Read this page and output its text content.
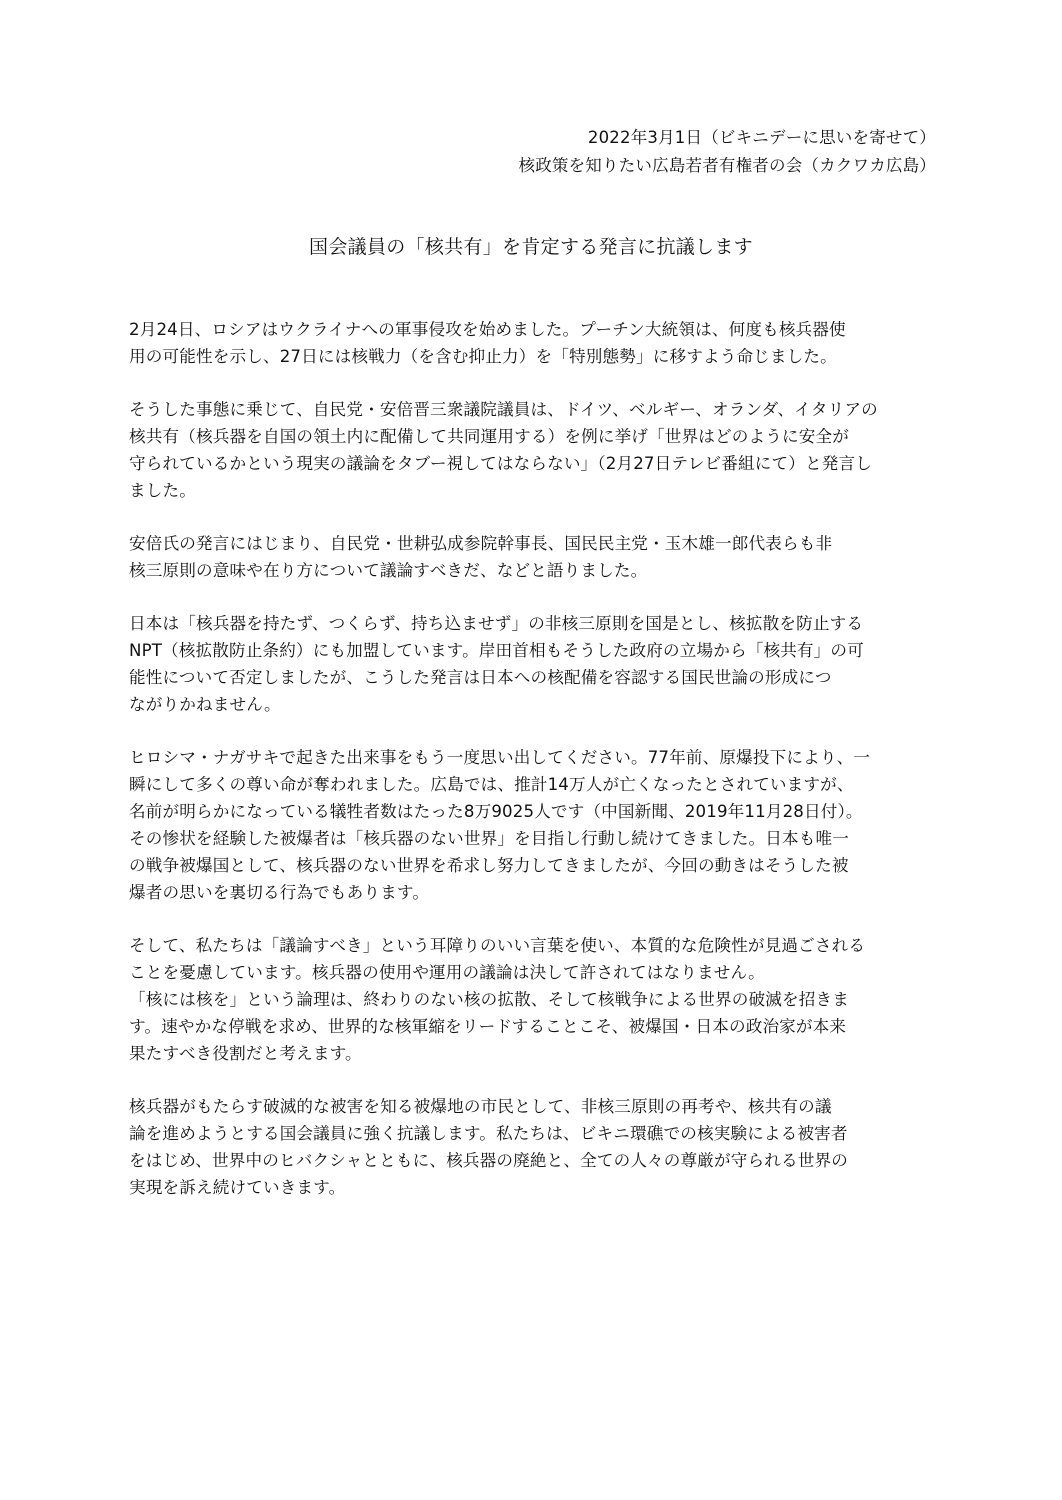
2022年3月1日（ビキニデーに思いを寄せて）
核政策を知りたい広島若者有権者の会（カクワカ広島）
国会議員の「核共有」を肯定する発言に抗議します
2月24日、ロシアはウクライナへの軍事侵攻を始めました。プーチン大統領は、何度も核兵器使
用の可能性を示し、27日には核戦力（を含む抑止力）を「特別態勢」に移すよう命じました。
そうした事態に乗じて、自民党・安倍晋三衆議院議員は、ドイツ、ベルギー、オランダ、イタリアの
核共有（核兵器を自国の領土内に配備して共同運用する）を例に挙げ「世界はどのように安全が
守られているかという現実の議論をタブー視してはならない」（2月27日テレビ番組にて）と発言し
ました。
安倍氏の発言にはじまり、自民党・世耕弘成参院幹事長、国民民主党・玉木雄一郎代表らも非
核三原則の意味や在り方について議論すべきだ、などと語りました。
日本は「核兵器を持たず、つくらず、持ち込ませず」の非核三原則を国是とし、核拡散を防止する
NPT（核拡散防止条約）にも加盟しています。岸田首相もそうした政府の立場から「核共有」の可
能性について否定しましたが、こうした発言は日本への核配備を容認する国民世論の形成につ
ながりかねません。
ヒロシマ・ナガサキで起きた出来事をもう一度思い出してください。77年前、原爆投下により、一
瞬にして多くの尊い命が奪われました。広島では、推計14万人が亡くなったとされていますが、
名前が明らかになっている犠牲者数はたった8万9025人です（中国新聞、2019年11月28日付）。
その惨状を経験した被爆者は「核兵器のない世界」を目指し行動し続けてきました。日本も唯一
の戦争被爆国として、核兵器のない世界を希求し努力してきましたが、今回の動きはそうした被
爆者の思いを裏切る行為でもあります。
そして、私たちは「議論すべき」という耳障りのいい言葉を使い、本質的な危険性が見過ごされる
ことを憂慮しています。核兵器の使用や運用の議論は決して許されてはなりません。
「核には核を」という論理は、終わりのない核の拡散、そして核戦争による世界の破滅を招きま
す。速やかな停戦を求め、世界的な核軍縮をリードすることこそ、被爆国・日本の政治家が本来
果たすべき役割だと考えます。
核兵器がもたらす破滅的な被害を知る被爆地の市民として、非核三原則の再考や、核共有の議
論を進めようとする国会議員に強く抗議します。私たちは、ビキニ環礁での核実験による被害者
をはじめ、世界中のヒバクシャとともに、核兵器の廃絶と、全ての人々の尊厳が守られる世界の
実現を訴え続けていきます。
